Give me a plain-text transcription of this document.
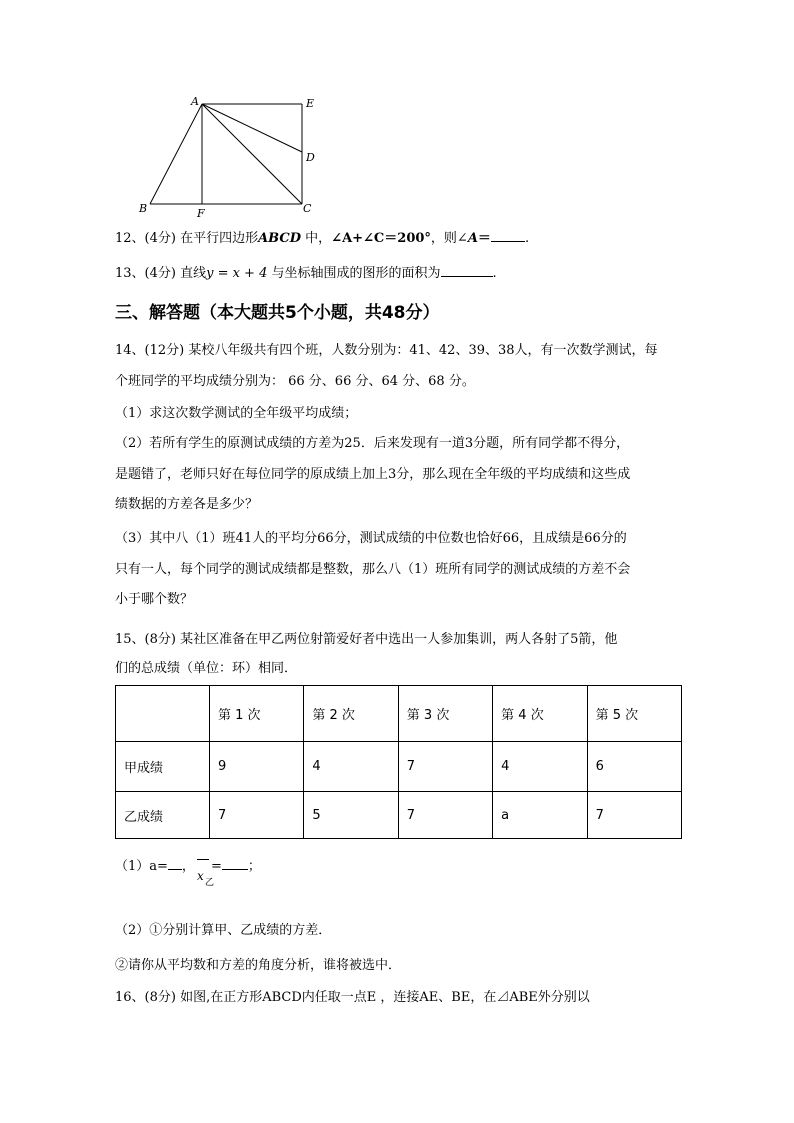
A	E
D
B	F	C
12、(4分) 在平行四边形ABCD 中，∠A+∠C＝200°，则∠A＝	.
13、(4分) 直线y = x + 4 与坐标轴围成的图形的面积为	.
三、解答题（本大题共5个小题，共48分）
14、(12分) 某校八年级共有四个班，人数分别为：41、42、39、38人，有一次数学测试，每
个班同学的平均成绩分别为： 66 分、66 分、64 分、68 分。
（1）求这次数学测试的全年级平均成绩；
（2）若所有学生的原测试成绩的方差为25．后来发现有一道3分题，所有同学都不得分，
是题错了，老师只好在每位同学的原成绩上加上3分，那么现在全年级的平均成绩和这些成
绩数据的方差各是多少？
（3）其中八（1）班41人的平均分66分，测试成绩的中位数也恰好66，且成绩是66分的
只有一人，每个同学的测试成绩都是整数，那么八（1）班所有同学的测试成绩的方差不会
小于哪个数？
15、(8分) 某社区准备在甲乙两位射箭爱好者中选出一人参加集训，两人各射了5箭，他
们的总成绩（单位：环）相同．
	第 1 次	第 2 次	第 3 次	第 4 次	第 5 次
甲成绩	9	4	7	4	6
乙成绩	7	5	7	a	7
（1）a= ，
x 乙
= ；
（2）①分别计算甲、乙成绩的方差．
②请你从平均数和方差的角度分析，谁将被选中．
16、(8分) 如图,在正方形ABCD内任取一点E ，连接AE、BE，在⊿ABE外分别以
